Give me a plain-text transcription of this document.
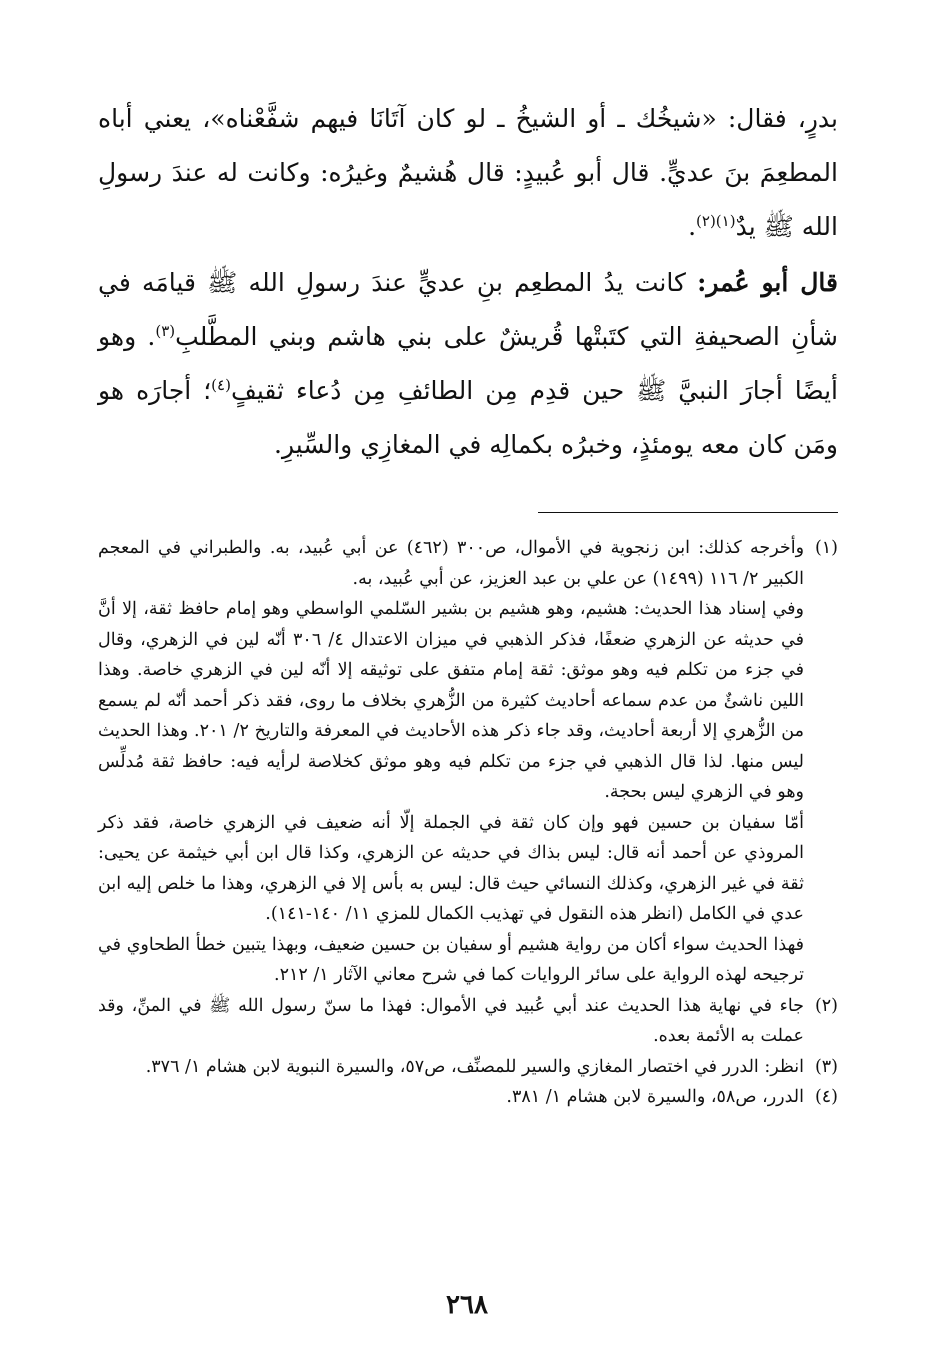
بدرٍ، فقال: «شيخُك ـ أو الشيخُ ـ لو كان آتَانَا فيهم شفَّعْناه»، يعني أباه المطعِمَ بنَ عديٍّ. قال أبو عُبيدٍ: قال هُشيمٌ وغيرُه: وكانت له عندَ رسولِ الله ﷺ يدٌ$^{(١)(٢)}$.

قال أبو عُمر: كانت يدُ المطعِم بنِ عديٍّ عندَ رسولِ الله ﷺ قيامَه في شأنِ الصحيفةِ التي كتَبتْها قُريشٌ على بني هاشم وبني المطَّلبِ$^{(٣)}$. وهو أيضًا أجارَ النبيَّ ﷺ حين قدِم مِن الطائفِ مِن دُعاء ثقيفٍ$^{(٤)}$؛ أجارَه هو ومَن كان معه يومئذٍ، وخبرُه بكمالِه في المغازِي والسِّيرِ.

(١)

وأخرجه كذلك: ابن زنجوية في الأموال، ص٣٠٠ (٤٦٢) عن أبي عُبيد، به. والطبراني في المعجم الكبير ٢/ ١١٦ (١٤٩٩) عن علي بن عبد العزيز، عن أبي عُبيد، به.

وفي إسناد هذا الحديث: هشيم، وهو هشيم بن بشير السّلمي الواسطي وهو إمام حافظ ثقة، إلا أنَّ في حديثه عن الزهري ضعفًا، فذكر الذهبي في ميزان الاعتدال ٤/ ٣٠٦ أنّه لين في الزهري، وقال في جزء من تكلم فيه وهو موثق: ثقة إمام متفق على توثيقه إلا أنّه لين في الزهري خاصة. وهذا اللين ناشئٌ من عدم سماعه أحاديث كثيرة من الزُّهري بخلاف ما روى، فقد ذكر أحمد أنّه لم يسمع من الزُّهري إلا أربعة أحاديث، وقد جاء ذكر هذه الأحاديث في المعرفة والتاريخ ٢/ ٢٠١. وهذا الحديث ليس منها. لذا قال الذهبي في جزء من تكلم فيه وهو موثق كخلاصة لرأيه فيه: حافظ ثقة مُدلِّس وهو في الزهري ليس بحجة.

أمّا سفيان بن حسين فهو وإن كان ثقة في الجملة إلّا أنه ضعيف في الزهري خاصة، فقد ذكر المروذي عن أحمد أنه قال: ليس بذاك في حديثه عن الزهري، وكذا قال ابن أبي خيثمة عن يحيى: ثقة في غير الزهري، وكذلك النسائي حيث قال: ليس به بأس إلا في الزهري، وهذا ما خلص إليه ابن عدي في الكامل (انظر هذه النقول في تهذيب الكمال للمزي ١١/ ١٤٠-١٤١).

فهذا الحديث سواء أكان من رواية هشيم أو سفيان بن حسين ضعيف، وبهذا يتبين خطأ الطحاوي في ترجيحه لهذه الرواية على سائر الروايات كما في شرح معاني الآثار ١/ ٢١٢.

(٢)

جاء في نهاية هذا الحديث عند أبي عُبيد في الأموال: فهذا ما سنّ رسول الله ﷺ في المنِّ، وقد عملت به الأئمة بعده.

(٣)

انظر: الدرر في اختصار المغازي والسير للمصنِّف، ص٥٧، والسيرة النبوية لابن هشام ١/ ٣٧٦.

(٤)

الدرر، ص٥٨، والسيرة لابن هشام ١/ ٣٨١.

٢٦٨
